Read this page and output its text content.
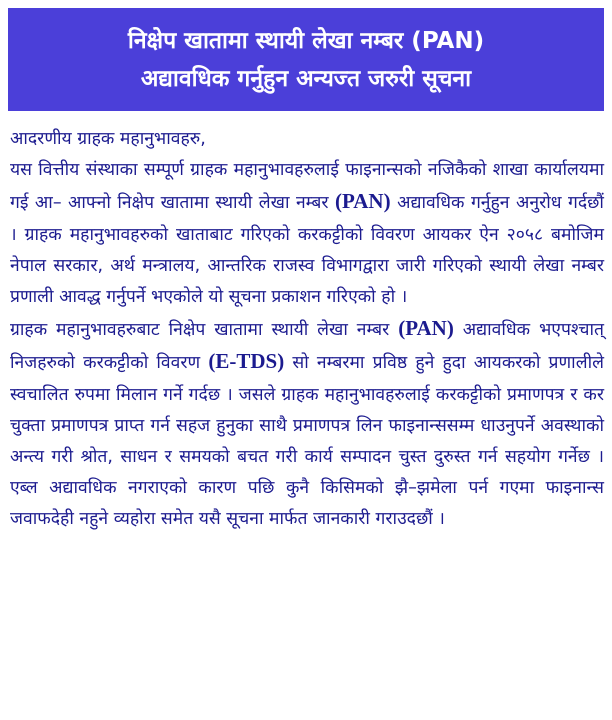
निक्षेप खातामा स्थायी लेखा नम्बर (PAN)
अद्यावधिक गर्नुहुन अन्यज्त जरुरी सूचना

आदरणीय ग्राहक महानुभावहरु,

यस वित्तीय संस्थाका सम्पूर्ण ग्राहक महानुभावहरुलाई फाइनान्सको नजिकैको शाखा कार्यालयमा गई आ– आफ्नो निक्षेप खातामा स्थायी लेखा नम्बर (PAN) अद्यावधिक गर्नुहुन अनुरोध गर्दछौं । ग्राहक महानुभावहरुको खाताबाट गरिएको करकट्टीको विवरण आयकर ऐन २०५८ बमोजिम नेपाल सरकार, अर्थ मन्त्रालय, आन्तरिक राजस्व विभागद्वारा जारी गरिएको स्थायी लेखा नम्बर प्रणाली आवद्ध गर्नुपर्ने भएकोले यो सूचना प्रकाशन गरिएको हो ।

ग्राहक महानुभावहरुबाट निक्षेप खातामा स्थायी लेखा नम्बर (PAN) अद्यावधिक भएपश्चात् निजहरुको करकट्टीको विवरण (E-TDS) सो नम्बरमा प्रविष्ठ हुने हुदा आयकरको प्रणालीले स्वचालित रुपमा मिलान गर्ने गर्दछ । जसले ग्राहक महानुभावहरुलाई करकट्टीको प्रमाणपत्र र कर चुक्ता प्रमाणपत्र प्राप्त गर्न सहज हुनुका साथै प्रमाणपत्र लिन फाइनान्ससम्म धाउनुपर्ने अवस्थाको अन्त्य गरी श्रोत, साधन र समयको बचत गरी कार्य सम्पादन चुस्त दुरुस्त गर्न सहयोग गर्नेछ । एब्ल अद्यावधिक नगराएको कारण पछि कुनै किसिमको झै–झमेला पर्न गएमा फाइनान्स जवाफदेही नहुने व्यहोरा समेत यसै सूचना मार्फत जानकारी गराउदछौं ।
